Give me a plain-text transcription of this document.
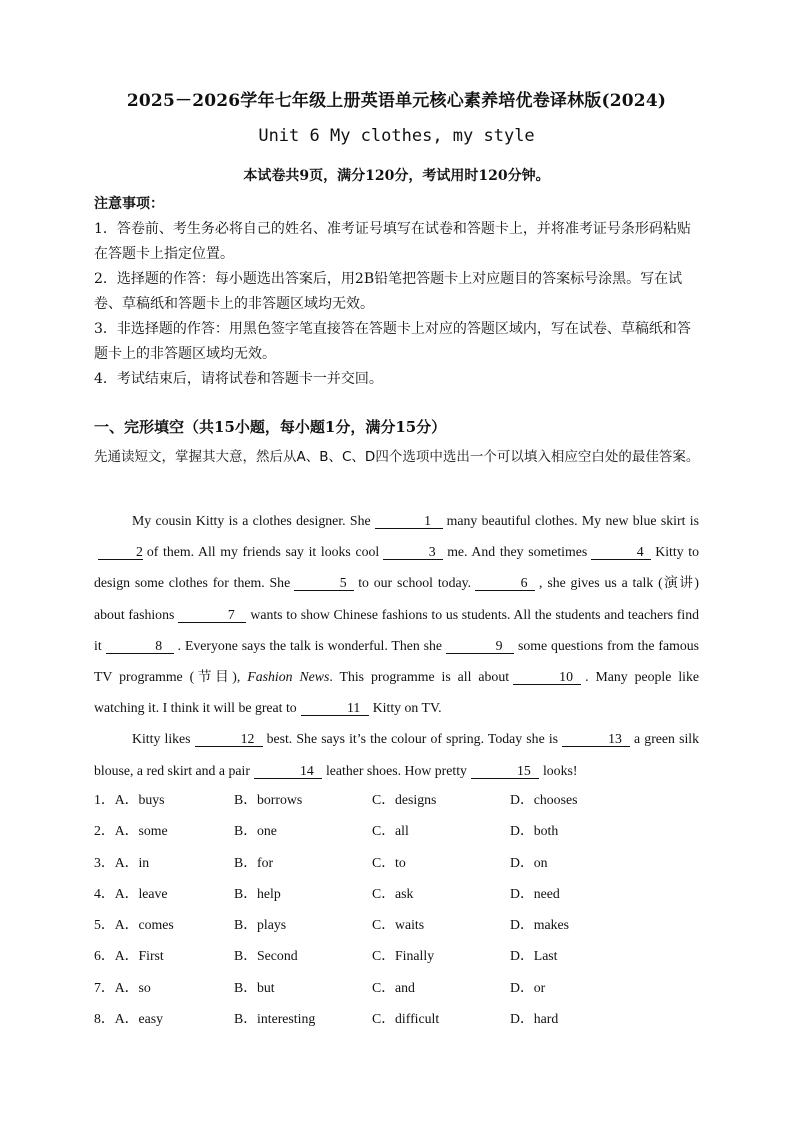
2025－2026学年七年级上册英语单元核心素养培优卷译林版(2024)
Unit 6 My clothes, my style
本试卷共9页，满分120分，考试用时120分钟。
注意事项：
1．答卷前、考生务必将自己的姓名、准考证号填写在试卷和答题卡上，并将准考证号条形码粘贴在答题卡上指定位置。
2．选择题的作答：每小题选出答案后，用2B铅笔把答题卡上对应题目的答案标号涂黑。写在试卷、草稿纸和答题卡上的非答题区域均无效。
3．非选择题的作答：用黑色签字笔直接答在答题卡上对应的答题区域内，写在试卷、草稿纸和答题卡上的非答题区域均无效。
4．考试结束后，请将试卷和答题卡一并交回。
一、完形填空（共15小题，每小题1分，满分15分）
先通读短文，掌握其大意，然后从A、B、C、D四个选项中选出一个可以填入相应空白处的最佳答案。

My cousin Kitty is a clothes designer. She	1 many beautiful clothes. My new blue skirt is 2 of them. All my friends say it looks cool	3 me. And they sometimes	4 Kitty to design some clothes for them. She	5 to our school today.	6 , she gives us a talk (演讲) about fashions	7 wants to show Chinese fashions to us students. All the students and teachers find it	8 . Everyone says the talk is wonderful. Then she	9 some questions from the famous TV programme (节目), Fashion News. This programme is all about	10 . Many people like watching it. I think it will be great to	11 Kitty on TV.

Kitty likes	12 best. She says it’s the colour of spring. Today she is	13 a green silk blouse, a red skirt and a pair	14 leather shoes. How pretty	15 looks!

1．A．buys	B．borrows	C．designs	D．chooses
2．A．some	B．one	C．all	D．both
3．A．in	B．for	C．to	D．on
4．A．leave	B．help	C．ask	D．need
5．A．comes	B．plays	C．waits	D．makes
6．A．First	B．Second	C．Finally	D．Last
7．A．so	B．but	C．and	D．or
8．A．easy	B．interesting	C．difficult	D．hard
